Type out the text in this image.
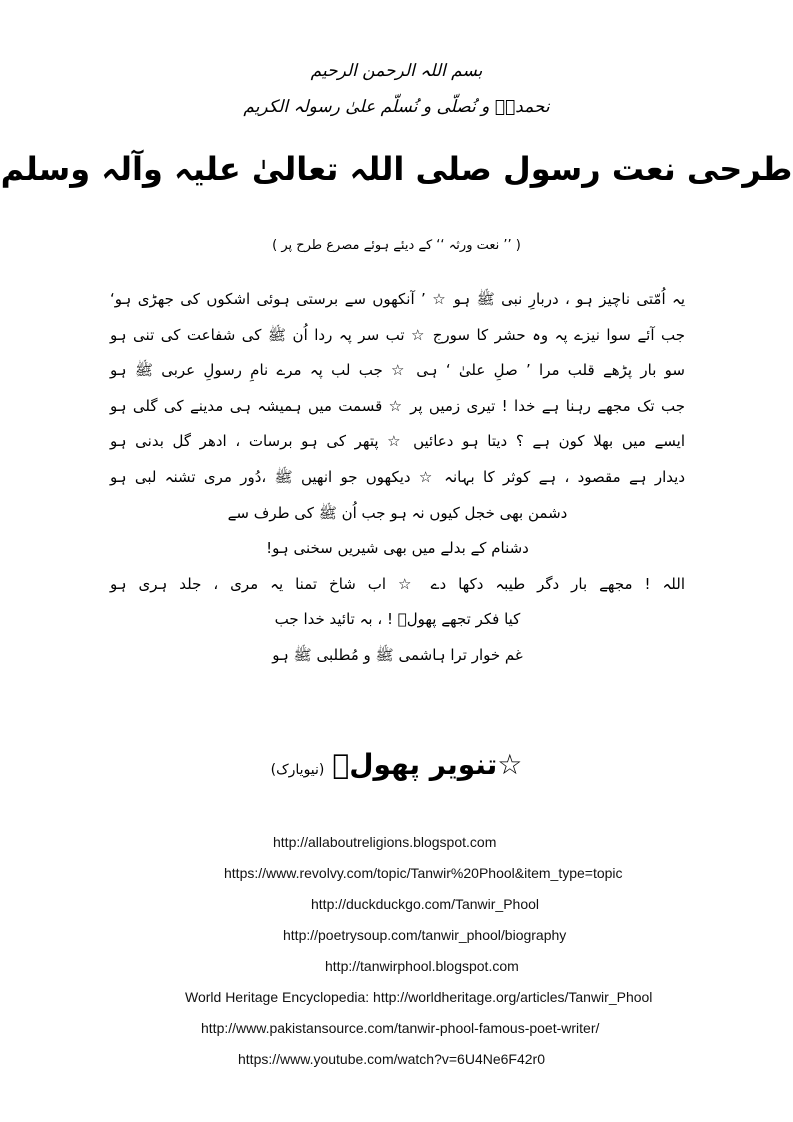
بسم اللہ الرحمن الرحیم
نحمدہٗ و نُصلّی و نُسلّم علیٰ رسولہ الکریم
طرحی نعت رسول صلی اللہ تعالیٰ علیہ وآلہ وسلم
( ’’ نعت ورثہ ‘‘ کے دیئے ہوئے مصرع طرح پر )
یہ اُمّتی ناچیز ہو ، دربارِ نبی ﷺ ہو ☆ ’ آنکھوں سے برستی ہوئی اشکوں کی جھڑی ہو‘
جب آئے سوا نیزے پہ وہ حشر کا سورج ☆ تب سر پہ ردا اُن ﷺ کی شفاعت کی تنی ہو
سو بار پڑھے قلب مرا ’ صلِ علیٰ ‘ ہی ☆ جب لب پہ مرے نامِ رسولِ عربی ﷺ ہو
جب تک مجھے رہنا ہے خدا ! تیری زمیں پر ☆ قسمت میں ہمیشہ ہی مدینے کی گلی ہو
ایسے میں بھلا کون ہے ؟ دیتا ہو دعائیں ☆ پتھر کی ہو برسات ، ادھر گل بدنی ہو
دیدار ہے مقصود ، ہے کوثر کا بہانہ ☆ دیکھوں جو انھیں ﷺ ،دُور مری تشنہ لبی ہو
دشمن بھی خجل کیوں نہ ہو جب اُن ﷺ کی طرف سے
دشنام کے بدلے میں بھی شیریں سخنی ہو!
اللہ ! مجھے بار دگر طیبہ دکھا دے ☆ اب شاخ تمنا یہ مری ، جلد ہری ہو
کیا فکر تجھے پھولؔ ! ، بہ تائید خدا جب
غم خوار ترا ہاشمی ﷺ و مُطلبی ﷺ ہو
☆تنویر پھولؔ(نیویارک)
http://allaboutreligions.blogspot.com
https://www.revolvy.com/topic/Tanwir%20Phool&item_type=topic
http://duckduckgo.com/Tanwir_Phool
http://poetrysoup.com/tanwir_phool/biography
http://tanwirphool.blogspot.com
World Heritage Encyclopedia: http://worldheritage.org/articles/Tanwir_Phool
http://www.pakistansource.com/tanwir-phool-famous-poet-writer/
https://www.youtube.com/watch?v=6U4Ne6F42r0
